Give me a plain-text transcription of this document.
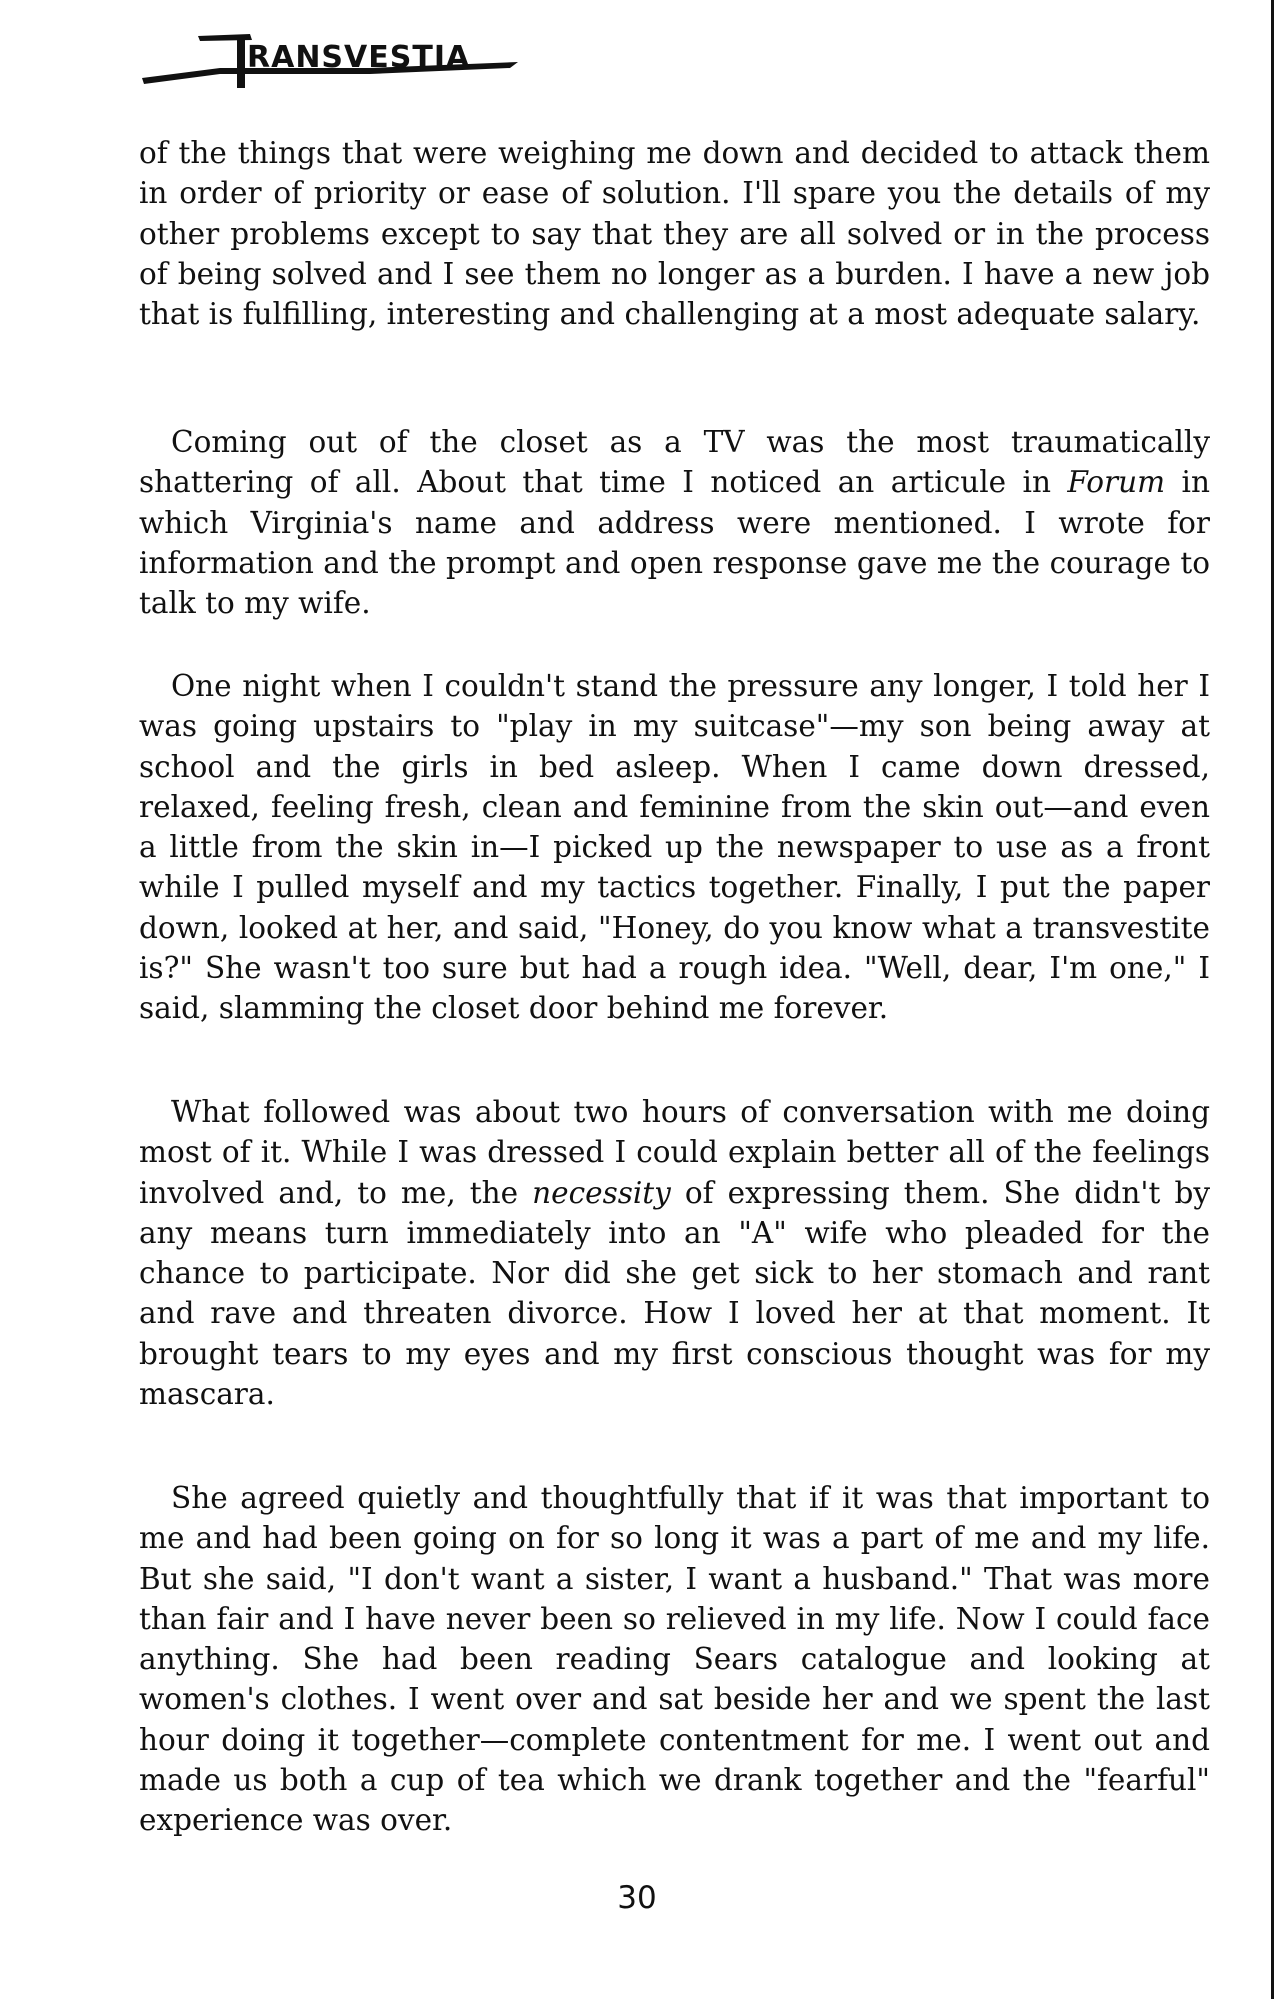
RANSVESTIA

of the things that were weighing me down and decided to attack them in order of priority or ease of solution. I'll spare you the details of my other problems except to say that they are all solved or in the process of being solved and I see them no longer as a burden. I have a new job that is fulfilling, interesting and challenging at a most adequate salary.

Coming out of the closet as a TV was the most traumatically shattering of all. About that time I noticed an articule in Forum in which Virginia's name and address were mentioned. I wrote for information and the prompt and open response gave me the courage to talk to my wife.

One night when I couldn't stand the pressure any longer, I told her I was going upstairs to "play in my suitcase"—my son being away at school and the girls in bed asleep. When I came down dressed, relaxed, feeling fresh, clean and feminine from the skin out—and even a little from the skin in—I picked up the newspaper to use as a front while I pulled myself and my tactics together. Finally, I put the paper down, looked at her, and said, "Honey, do you know what a transvestite is?" She wasn't too sure but had a rough idea. "Well, dear, I'm one," I said, slamming the closet door behind me forever.

What followed was about two hours of conversation with me doing most of it. While I was dressed I could explain better all of the feelings involved and, to me, the necessity of expressing them. She didn't by any means turn immediately into an "A" wife who pleaded for the chance to participate. Nor did she get sick to her stomach and rant and rave and threaten divorce. How I loved her at that moment. It brought tears to my eyes and my first conscious thought was for my mascara.

She agreed quietly and thoughtfully that if it was that important to me and had been going on for so long it was a part of me and my life. But she said, "I don't want a sister, I want a husband." That was more than fair and I have never been so relieved in my life. Now I could face anything. She had been reading Sears catalogue and looking at women's clothes. I went over and sat beside her and we spent the last hour doing it together—complete contentment for me. I went out and made us both a cup of tea which we drank together and the "fearful" experience was over.

30
